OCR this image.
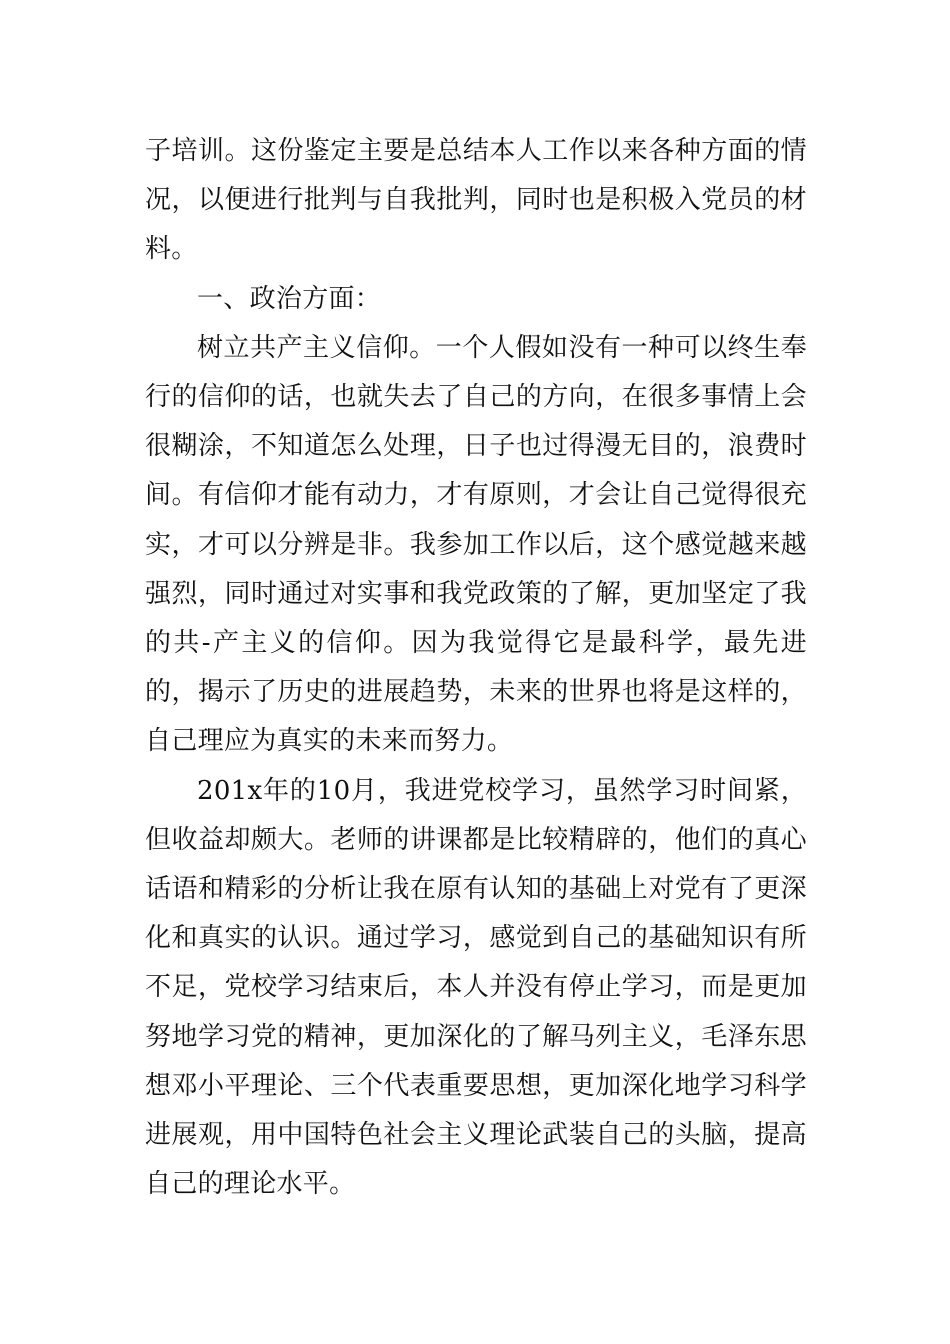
子培训。这份鉴定主要是总结本人工作以来各种方面的情况，以便进行批判与自我批判，同时也是积极入党员的材料。

一、政治方面：

树立共产主义信仰。一个人假如没有一种可以终生奉行的信仰的话，也就失去了自己的方向，在很多事情上会很糊涂，不知道怎么处理，日子也过得漫无目的，浪费时间。有信仰才能有动力，才有原则，才会让自己觉得很充实，才可以分辨是非。我参加工作以后，这个感觉越来越强烈，同时通过对实事和我党政策的了解，更加坚定了我的共-产主义的信仰。因为我觉得它是最科学，最先进的，揭示了历史的进展趋势，未来的世界也将是这样的，自己理应为真实的未来而努力。

201x年的10月，我进党校学习，虽然学习时间紧，但收益却颇大。老师的讲课都是比较精辟的，他们的真心话语和精彩的分析让我在原有认知的基础上对党有了更深化和真实的认识。通过学习，感觉到自己的基础知识有所不足，党校学习结束后，本人并没有停止学习，而是更加努地学习党的精神，更加深化的了解马列主义，毛泽东思想邓小平理论、三个代表重要思想，更加深化地学习科学进展观，用中国特色社会主义理论武装自己的头脑，提高自己的理论水平。
